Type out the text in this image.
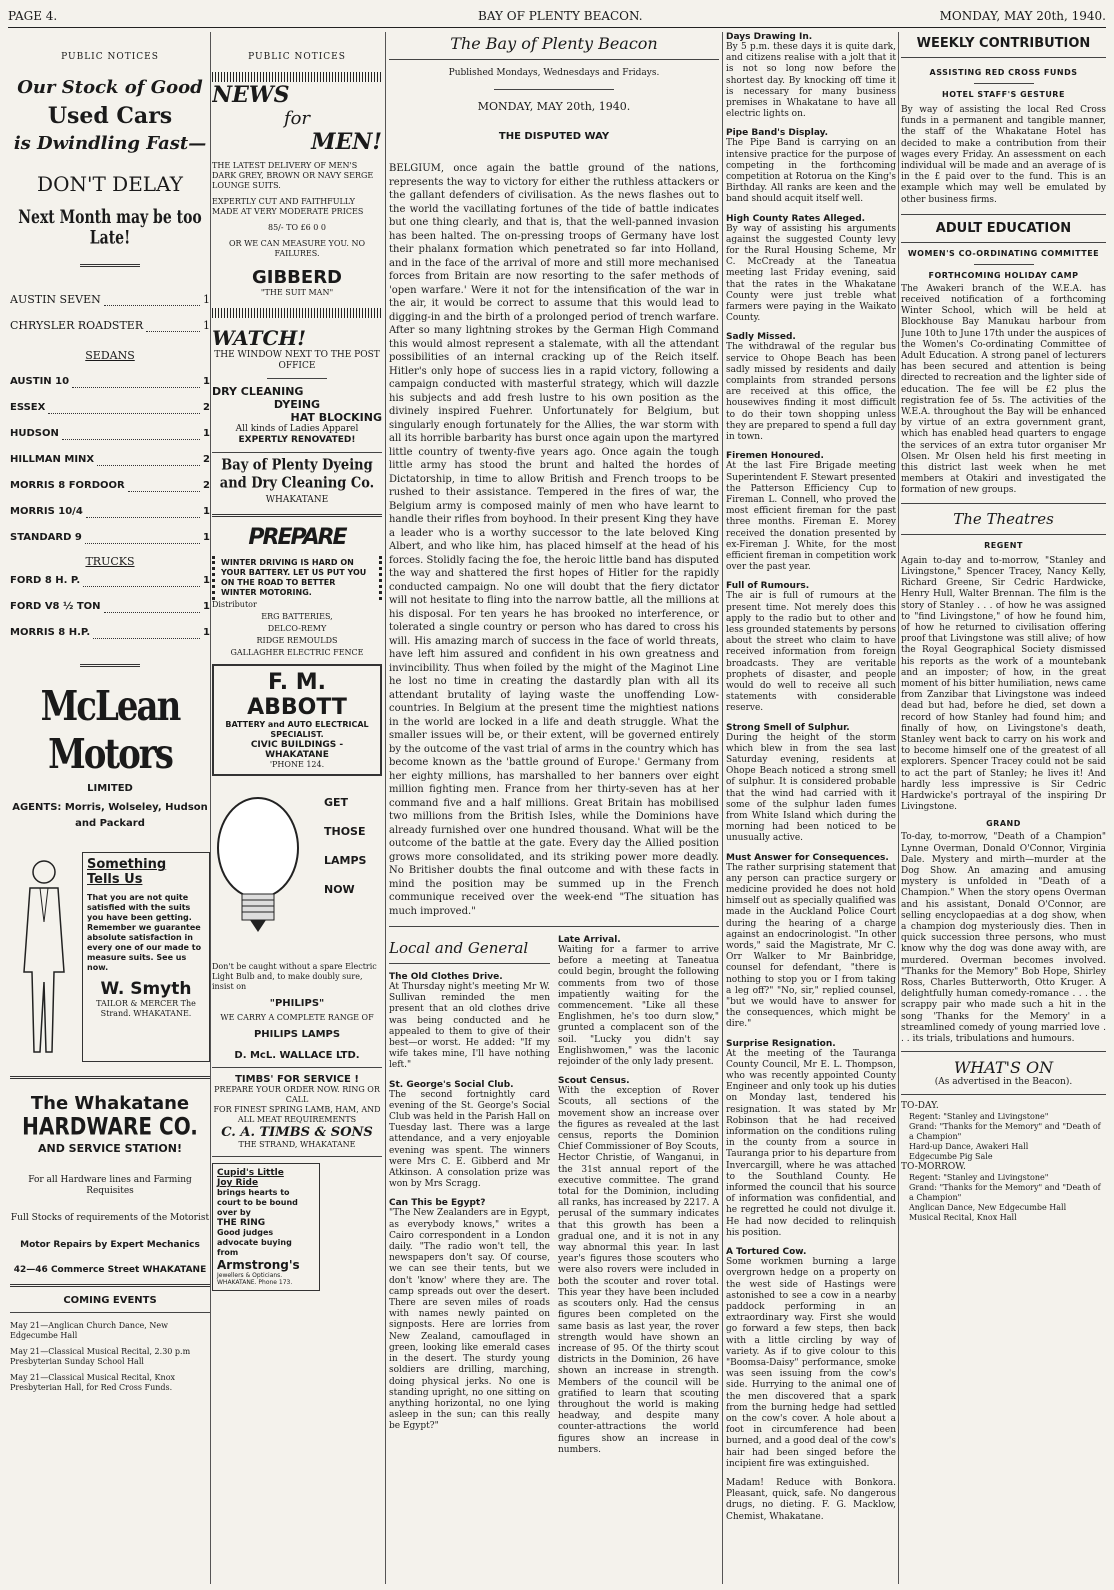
PAGE 4.	BAY OF PLENTY BEACON.	MONDAY, MAY 20th, 1940.
PUBLIC NOTICES
Our Stock of Good
Used Cars
is Dwindling Fast—
DON'T DELAY
Next Month may be too Late!
AUSTIN SEVEN	1
CHRYSLER ROADSTER	1
SEDANS
AUSTIN 10	1
ESSEX	2
HUDSON	1
HILLMAN MINX	2
MORRIS 8 FORDOOR	2
MORRIS 10/4	1
STANDARD 9	1
TRUCKS
FORD 8 H. P.	1
FORD V8 ½ TON	1
MORRIS 8 H.P.	1
McLean Motors
LIMITED
AGENTS: Morris, Wolseley, Hudson and Packard
Something
Tells Us
That you are not quite satisfied with the suits you have been getting. Remember we guarantee absolute satisfaction in every one of our made to measure suits. See us now.
W. Smyth
TAILOR & MERCER The Strand. WHAKATANE.
The Whakatane
HARDWARE CO.
AND SERVICE STATION!
For all Hardware lines and Farming Requisites
Full Stocks of requirements of the Motorist
Motor Repairs by Expert Mechanics
42—46 Commerce Street WHAKATANE
COMING EVENTS
May 21—Anglican Church Dance, New Edgecumbe Hall
May 21—Classical Musical Recital, 2.30 p.m Presbyterian Sunday School Hall
May 21—Classical Musical Recital, Knox Presbyterian Hall, for Red Cross Funds.
PUBLIC NOTICES
NEWS
for
MEN!
THE LATEST DELIVERY OF MEN'S DARK GREY, BROWN OR NAVY SERGE LOUNGE SUITS.
EXPERTLY CUT AND FAITHFULLY MADE AT VERY MODERATE PRICES
85/- TO £6 0 0
OR WE CAN MEASURE YOU. NO FAILURES.
GIBBERD
"THE SUIT MAN"
WATCH!
THE WINDOW NEXT TO THE POST OFFICE
DRY CLEANING
DYEING
HAT BLOCKING
All kinds of Ladies Apparel
EXPERTLY RENOVATED!
Bay of Plenty Dyeing and Dry Cleaning Co.
WHAKATANE
PREPARE
WINTER DRIVING IS HARD ON YOUR BATTERY. LET US PUT YOU ON THE ROAD TO BETTER WINTER MOTORING.
Distributor
ERG BATTERIES,
DELCO-REMY
RIDGE REMOULDS
GALLAGHER ELECTRIC FENCE
F. M. ABBOTT
BATTERY and AUTO ELECTRICAL SPECIALIST.
CIVIC BUILDINGS - WHAKATANE
'PHONE 124.
GET
THOSE
LAMPS
NOW
Don't be caught without a spare Electric Light Bulb and, to make doubly sure, insist on
"PHILIPS"
WE CARRY A COMPLETE RANGE OF
PHILIPS LAMPS
D. McL. WALLACE LTD.
TIMBS' FOR SERVICE !
PREPARE YOUR ORDER NOW. RING OR CALL
FOR FINEST SPRING LAMB, HAM, AND ALL MEAT REQUIREMENTS
C. A. TIMBS & SONS
THE STRAND, WHAKATANE
Cupid's Little
Joy Ride
brings hearts to court to be bound over by
THE RING
Good judges advocate buying from
Armstrong's
Jewellers & Opticians. WHAKATANE. Phone 173.
The Bay of Plenty Beacon
Published Mondays, Wednesdays and Fridays.
MONDAY, MAY 20th, 1940.
THE DISPUTED WAY
BELGIUM, once again the battle ground of the nations, represents the way to victory for either the ruthless attackers or the gallant defenders of civilisation. As the news flashes out to the world the vacillating fortunes of the tide of battle indicates but one thing clearly, and that is, that the well-panned invasion has been halted. The on-pressing troops of Germany have lost their phalanx formation which penetrated so far into Holland, and in the face of the arrival of more and still more mechanised forces from Britain are now resorting to the safer methods of 'open warfare.' Were it not for the intensification of the war in the air, it would be correct to assume that this would lead to digging-in and the birth of a prolonged period of trench warfare. After so many lightning strokes by the German High Command this would almost represent a stalemate, with all the attendant possibilities of an internal cracking up of the Reich itself. Hitler's only hope of success lies in a rapid victory, following a campaign conducted with masterful strategy, which will dazzle his subjects and add fresh lustre to his own position as the divinely inspired Fuehrer. Unfortunately for Belgium, but singularly enough fortunately for the Allies, the war storm with all its horrible barbarity has burst once again upon the martyred little country of twenty-five years ago. Once again the tough little army has stood the brunt and halted the hordes of Dictatorship, in time to allow British and French troops to be rushed to their assistance. Tempered in the fires of war, the Belgium army is composed mainly of men who have learnt to handle their rifles from boyhood. In their present King they have a leader who is a worthy successor to the late beloved King Albert, and who like him, has placed himself at the head of his forces. Stolidly facing the foe, the heroic little band has disputed the way and shattered the first hopes of Hitler for the rapidly conducted campaign. No one will doubt that the fiery dictator will not hesitate to fling into the narrow battle, all the millions at his disposal. For ten years he has brooked no interference, or tolerated a single country or person who has dared to cross his will. His amazing march of success in the face of world threats, have left him assured and confident in his own greatness and invincibility. Thus when foiled by the might of the Maginot Line he lost no time in creating the dastardly plan with all its attendant brutality of laying waste the unoffending Low-countries. In Belgium at the present time the mightiest nations in the world are locked in a life and death struggle. What the smaller issues will be, or their extent, will be governed entirely by the outcome of the vast trial of arms in the country which has become known as the 'battle ground of Europe.' Germany from her eighty millions, has marshalled to her banners over eight million fighting men. France from her thirty-seven has at her command five and a half millions. Great Britain has mobilised two millions from the British Isles, while the Dominions have already furnished over one hundred thousand. What will be the outcome of the battle at the gate. Every day the Allied position grows more consolidated, and its striking power more deadly. No Britisher doubts the final outcome and with these facts in mind the position may be summed up in the French communique received over the week-end "The situation has much improved."
Local and General
The Old Clothes Drive.
At Thursday night's meeting Mr W. Sullivan reminded the men present that an old clothes drive was being conducted and he appealed to them to give of their best—or worst. He added: "If my wife takes mine, I'll have nothing left."
St. George's Social Club.
The second fortnightly card evening of the St. George's Social Club was held in the Parish Hall on Tuesday last. There was a large attendance, and a very enjoyable evening was spent. The winners were Mrs C. E. Gibberd and Mr Atkinson. A consolation prize was won by Mrs Scragg.
Can This be Egypt?
"The New Zealanders are in Egypt, as everybody knows," writes a Cairo correspondent in a London daily. "The radio won't tell, the newspapers don't say. Of course, we can see their tents, but we don't 'know' where they are. The camp spreads out over the desert. There are seven miles of roads with names newly painted on signposts. Here are lorries from New Zealand, camouflaged in green, looking like emerald cases in the desert. The sturdy young soldiers are drilling, marching, doing physical jerks. No one is standing upright, no one sitting on anything horizontal, no one lying asleep in the sun; can this really be Egypt?"
Late Arrival.
Waiting for a farmer to arrive before a meeting at Taneatua could begin, brought the following comments from two of those impatiently waiting for the commencement. "Like all these Englishmen, he's too durn slow," grunted a complacent son of the soil. "Lucky you didn't say Englishwomen," was the laconic rejoinder of the only lady present.
Scout Census.
With the exception of Rover Scouts, all sections of the movement show an increase over the figures as revealed at the last census, reports the Dominion Chief Commissioner of Boy Scouts, Hector Christie, of Wanganui, in the 31st annual report of the executive committee. The grand total for the Dominion, including all ranks, has increased by 2217. A perusal of the summary indicates that this growth has been a gradual one, and it is not in any way abnormal this year. In last year's figures those scouters who were also rovers were included in both the scouter and rover total. This year they have been included as scouters only. Had the census figures been completed on the same basis as last year, the rover strength would have shown an increase of 95. Of the thirty scout districts in the Dominion, 26 have shown an increase in strength. Members of the council will be gratified to learn that scouting throughout the world is making headway, and despite many counter-attractions the world figures show an increase in numbers.
Days Drawing In.
By 5 p.m. these days it is quite dark, and citizens realise with a jolt that it is not so long now before the shortest day. By knocking off time it is necessary for many business premises in Whakatane to have all electric lights on.
Pipe Band's Display.
The Pipe Band is carrying on an intensive practice for the purpose of competing in the forthcoming competition at Rotorua on the King's Birthday. All ranks are keen and the band should acquit itself well.
High County Rates Alleged.
By way of assisting his arguments against the suggested County levy for the Rural Housing Scheme, Mr C. McCready at the Taneatua meeting last Friday evening, said that the rates in the Whakatane County were just treble what farmers were paying in the Waikato County.
Sadly Missed.
The withdrawal of the regular bus service to Ohope Beach has been sadly missed by residents and daily complaints from stranded persons are received at this office, the housewives finding it most difficult to do their town shopping unless they are prepared to spend a full day in town.
Firemen Honoured.
At the last Fire Brigade meeting Superintendent F. Stewart presented the Patterson Efficiency Cup to Fireman L. Connell, who proved the most efficient fireman for the past three months. Fireman E. Morey received the donation presented by ex-Fireman J. White, for the most efficient fireman in competition work over the past year.
Full of Rumours.
The air is full of rumours at the present time. Not merely does this apply to the radio but to other and less grounded statements by persons about the street who claim to have received information from foreign broadcasts. They are veritable prophets of disaster, and people would do well to receive all such statements with considerable reserve.
Strong Smell of Sulphur.
During the height of the storm which blew in from the sea last Saturday evening, residents at Ohope Beach noticed a strong smell of sulphur. It is considered probable that the wind had carried with it some of the sulphur laden fumes from White Island which during the morning had been noticed to be unusually active.
Must Answer for Consequences.
The rather surprising statement that any person can practice surgery or medicine provided he does not hold himself out as specially qualified was made in the Auckland Police Court during the hearing of a charge against an endocrinologist. "In other words," said the Magistrate, Mr C. Orr Walker to Mr Bainbridge, counsel for defendant, "there is nothing to stop you or I from taking a leg off?" "No, sir," replied counsel, "but we would have to answer for the consequences, which might be dire."
Surprise Resignation.
At the meeting of the Tauranga County Council, Mr E. L. Thompson, who was recently appointed County Engineer and only took up his duties on Monday last, tendered his resignation. It was stated by Mr Robinson that he had received information on the conditions ruling in the county from a source in Tauranga prior to his departure from Invercargill, where he was attached to the Southland County. He informed the council that his source of information was confidential, and he regretted he could not divulge it. He had now decided to relinquish his position.
A Tortured Cow.
Some workmen burning a large overgrown hedge on a property on the west side of Hastings were astonished to see a cow in a nearby paddock performing in an extraordinary way. First she would go forward a few steps, then back with a little circling by way of variety. As if to give colour to this "Boomsa-Daisy" performance, smoke was seen issuing from the cow's side. Hurrying to the animal one of the men discovered that a spark from the burning hedge had settled on the cow's cover. A hole about a foot in circumference had been burned, and a good deal of the cow's hair had been singed before the incipient fire was extinguished.
Madam! Reduce with Bonkora. Pleasant, quick, safe. No dangerous drugs, no dieting. F. G. Macklow, Chemist, Whakatane.
WEEKLY CONTRIBUTION
ASSISTING RED CROSS FUNDS
HOTEL STAFF'S GESTURE
By way of assisting the local Red Cross funds in a permanent and tangible manner, the staff of the Whakatane Hotel has decided to make a contribution from their wages every Friday. An assessment on each individual will be made and an average of is in the £ paid over to the fund. This is an example which may well be emulated by other business firms.
ADULT EDUCATION
WOMEN'S CO-ORDINATING COMMITTEE
FORTHCOMING HOLIDAY CAMP
The Awakeri branch of the W.E.A. has received notification of a forthcoming Winter School, which will be held at Blockhouse Bay Manukau harbour from June 10th to June 17th under the auspices of the Women's Co-ordinating Committee of Adult Education. A strong panel of lecturers has been secured and attention is being directed to recreation and the lighter side of education. The fee will be £2 plus the registration fee of 5s. The activities of the W.E.A. throughout the Bay will be enhanced by virtue of an extra government grant, which has enabled head quarters to engage the services of an extra tutor organiser Mr Olsen. Mr Olsen held his first meeting in this district last week when he met members at Otakiri and investigated the formation of new groups.
The Theatres
REGENT
Again to-day and to-morrow, "Stanley and Livingstone," Spencer Tracey, Nancy Kelly, Richard Greene, Sir Cedric Hardwicke, Henry Hull, Walter Brennan. The film is the story of Stanley . . . of how he was assigned to "find Livingstone," of how he found him, of how he returned to civilisation offering proof that Livingstone was still alive; of how the Royal Geographical Society dismissed his reports as the work of a mountebank and an imposter; of how, in the great moment of his bitter humiliation, news came from Zanzibar that Livingstone was indeed dead but had, before he died, set down a record of how Stanley had found him; and finally of how, on Livingstone's death, Stanley went back to carry on his work and to become himself one of the greatest of all explorers. Spencer Tracey could not be said to act the part of Stanley; he lives it! And hardly less impressive is Sir Cedric Hardwicke's portrayal of the inspiring Dr Livingstone.
GRAND
To-day, to-morrow, "Death of a Champion" Lynne Overman, Donald O'Connor, Virginia Dale. Mystery and mirth—murder at the Dog Show. An amazing and amusing mystery is unfolded in "Death of a Champion." When the story opens Overman and his assistant, Donald O'Connor, are selling encyclopaedias at a dog show, when a champion dog mysteriously dies. Then in quick succession three persons, who must know why the dog was done away with, are murdered. Overman becomes involved. "Thanks for the Memory" Bob Hope, Shirley Ross, Charles Butterworth, Otto Kruger. A delightfully human comedy-romance . . . the scrappy pair who made such a hit in the song 'Thanks for the Memory' in a streamlined comedy of young married love . . . its trials, tribulations and humours.
WHAT'S ON
(As advertised in the Beacon).
TO-DAY.
Regent: "Stanley and Livingstone"
Grand: "Thanks for the Memory" and "Death of a Champion"
Hard-up Dance, Awakeri Hall
Edgecumbe Pig Sale
TO-MORROW.
Regent: "Stanley and Livingstone"
Grand: "Thanks for the Memory" and "Death of a Champion"
Anglican Dance, New Edgecumbe Hall
Musical Recital, Knox Hall
